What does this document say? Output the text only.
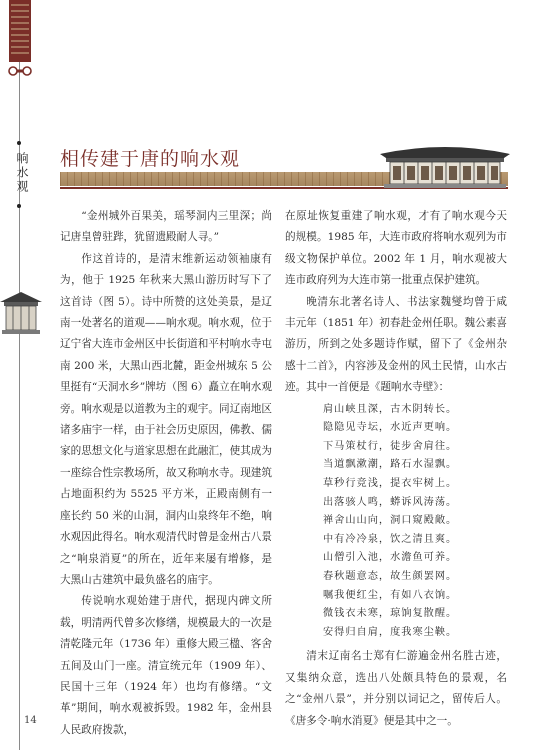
响水观 相传建于唐的响水观

“金州城外百果美，瑶琴洞内三里深；尚记唐皇曾驻跸，犹留遗殿耐人寻。”

作这首诗的，是清末维新运动领袖康有为，他于 1925 年秋来大黑山游历时写下了这首诗（图 5）。诗中所赞的这处美景，是辽南一处著名的道观——响水观。响水观，位于辽宁省大连市金州区中长街道和平村响水寺屯南 200 米，大黑山西北麓，距金州城东 5 公里挺有“天洞水乡”牌坊（图 6）矗立在响水观旁。响水观是以道教为主的观宇。同辽南地区诸多庙宇一样，由于社会历史原因，佛教、儒家的思想文化与道家思想在此融汇，使其成为一座综合性宗教场所，故又称响水寺。现建筑占地面积约为 5525 平方米，正殿南侧有一座长约 50 米的山洞，洞内山泉终年不绝，响水观因此得名。响水观清代时曾是金州古八景之“响泉消夏”的所在，近年来屡有增修，是大黑山古建筑中最负盛名的庙宇。

传说响水观始建于唐代，据现内碑文所载，明清两代曾多次修缮，规模最大的一次是清乾隆元年（1736 年）重修大殿三楹、客舍五间及山门一座。清宣统元年（1909 年）、民国十三年（1924 年）也均有修缮。“文革”期间，响水观被拆毁。1982 年，金州县人民政府拨款，

在原址恢复重建了响水观，才有了响水观今天的规模。1985 年，大连市政府将响水观列为市级文物保护单位。2002 年 1 月，响水观被大连市政府列为大连市第一批重点保护建筑。

晚清东北著名诗人、书法家魏燮均曾于咸丰元年（1851 年）初春赴金州任职。魏公素喜游历，所到之处多题诗作赋，留下了《金州杂感十二首》，内容涉及金州的风土民情，山水古迹。其中一首便是《题响水寺壁》：

肩山峡且深，古木阴转长。
隐隐见寺坛，水近声更响。
下马策杖行，徒步舍肩往。
当道飘漱潮，路石水湿飘。
草秒行竞浅，提衣牢树上。
出落骇人鸣，蟒诉风涛荡。
禅舍山山向，洞口窥殿敞。
中有冷冷泉，饮之清且爽。
山僧引入池，水澹鱼可养。
春秋题意态，故生颜罢网。
嘱我便红尘，有如八衣饷。
微钱衣未寒，琼饷复散醒。
安得归自肩，度我寒尘鞅。

清末辽南名士郑有仁游遍金州名胜古迹，又集纳众意，选出八处颇具特色的景观，名之“金州八景”，并分别以词记之，留传后人。《唐多令·响水消夏》便是其中之一。

14
